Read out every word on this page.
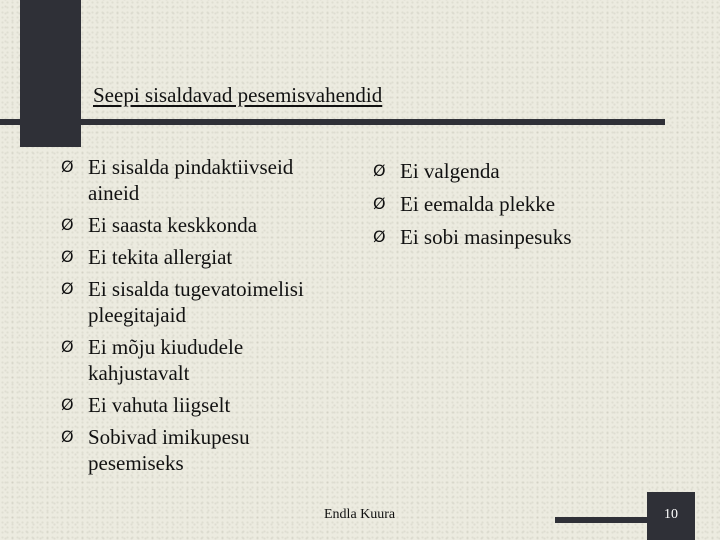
Seepi sisaldavad pesemisvahendid
Ø Ei sisalda pindaktiivseid aineid
Ø Ei saasta keskkonda
Ø Ei tekita allergiat
Ø Ei sisalda tugevatoimelisi pleegitajaid
Ø Ei mõju kiududele kahjustavalt
Ø Ei vahuta liigselt
Ø Sobivad imikupesu pesemiseks
Ø Ei valgenda
Ø Ei eemalda plekke
Ø Ei sobi masinpesuks
Endla Kuura	10
